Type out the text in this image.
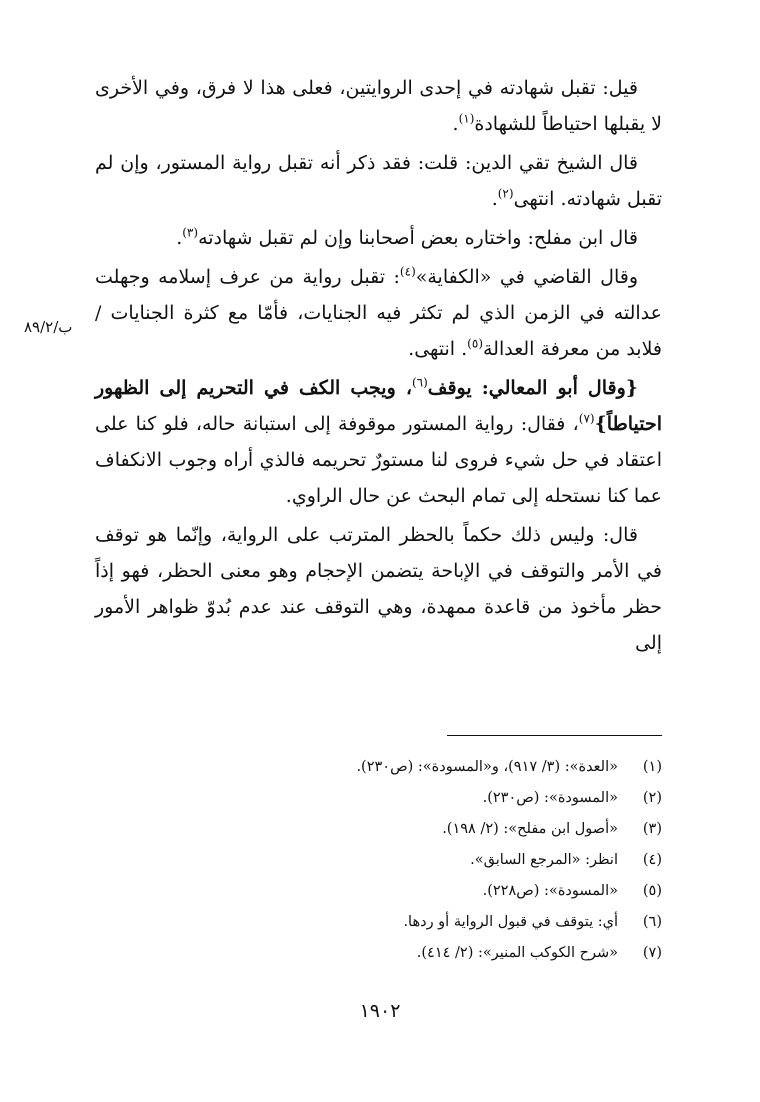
ب/٨٩/٢

قيل: تقبل شهادته في إحدى الروايتين، فعلى هذا لا فرق، وفي الأخرى لا يقبلها احتياطاً للشهادة$^{(١)}$.

قال الشيخ تقي الدين: قلت: فقد ذكر أنه تقبل رواية المستور، وإن لم تقبل شهادته. انتهى$^{(٢)}$.

قال ابن مفلح: واختاره بعض أصحابنا وإن لم تقبل شهادته$^{(٣)}$.

وقال القاضي في «الكفاية»$^{(٤)}$: تقبل رواية من عرف إسلامه وجهلت عدالته في الزمن الذي لم تكثر فيه الجنايات، فأمّا مع كثرة الجنايات / فلابد من معرفة العدالة$^{(٥)}$. انتهى.

{وقال أبو المعالي: يوقف$^{(٦)}$، ويجب الكف في التحريم إلى الظهور احتياطاً}$^{(٧)}$، فقال: رواية المستور موقوفة إلى استبانة حاله، فلو كنا على اعتقاد في حل شيء فروى لنا مستورٌ تحريمه فالذي أراه وجوب الانكفاف عما كنا نستحله إلى تمام البحث عن حال الراوي.

قال: وليس ذلك حكماً بالحظر المترتب على الرواية، وإنّما هو توقف في الأمر والتوقف في الإباحة يتضمن الإحجام وهو معنى الحظر، فهو إذاً حظر مأخوذ من قاعدة ممهدة، وهي التوقف عند عدم بُدوّ ظواهر الأمور إلى

(١)
«العدة»: (٣/ ٩١٧)، و«المسودة»: (ص٢٣٠).
(٢)
«المسودة»: (ص٢٣٠).
(٣)
«أصول ابن مفلح»: (٢/ ١٩٨).
(٤)
انظر: «المرجع السابق».
(٥)
«المسودة»: (ص٢٢٨).
(٦)
أي: يتوقف في قبول الرواية أو ردها.
(٧)
«شرح الكوكب المنير»: (٢/ ٤١٤).
١٩٠٢
